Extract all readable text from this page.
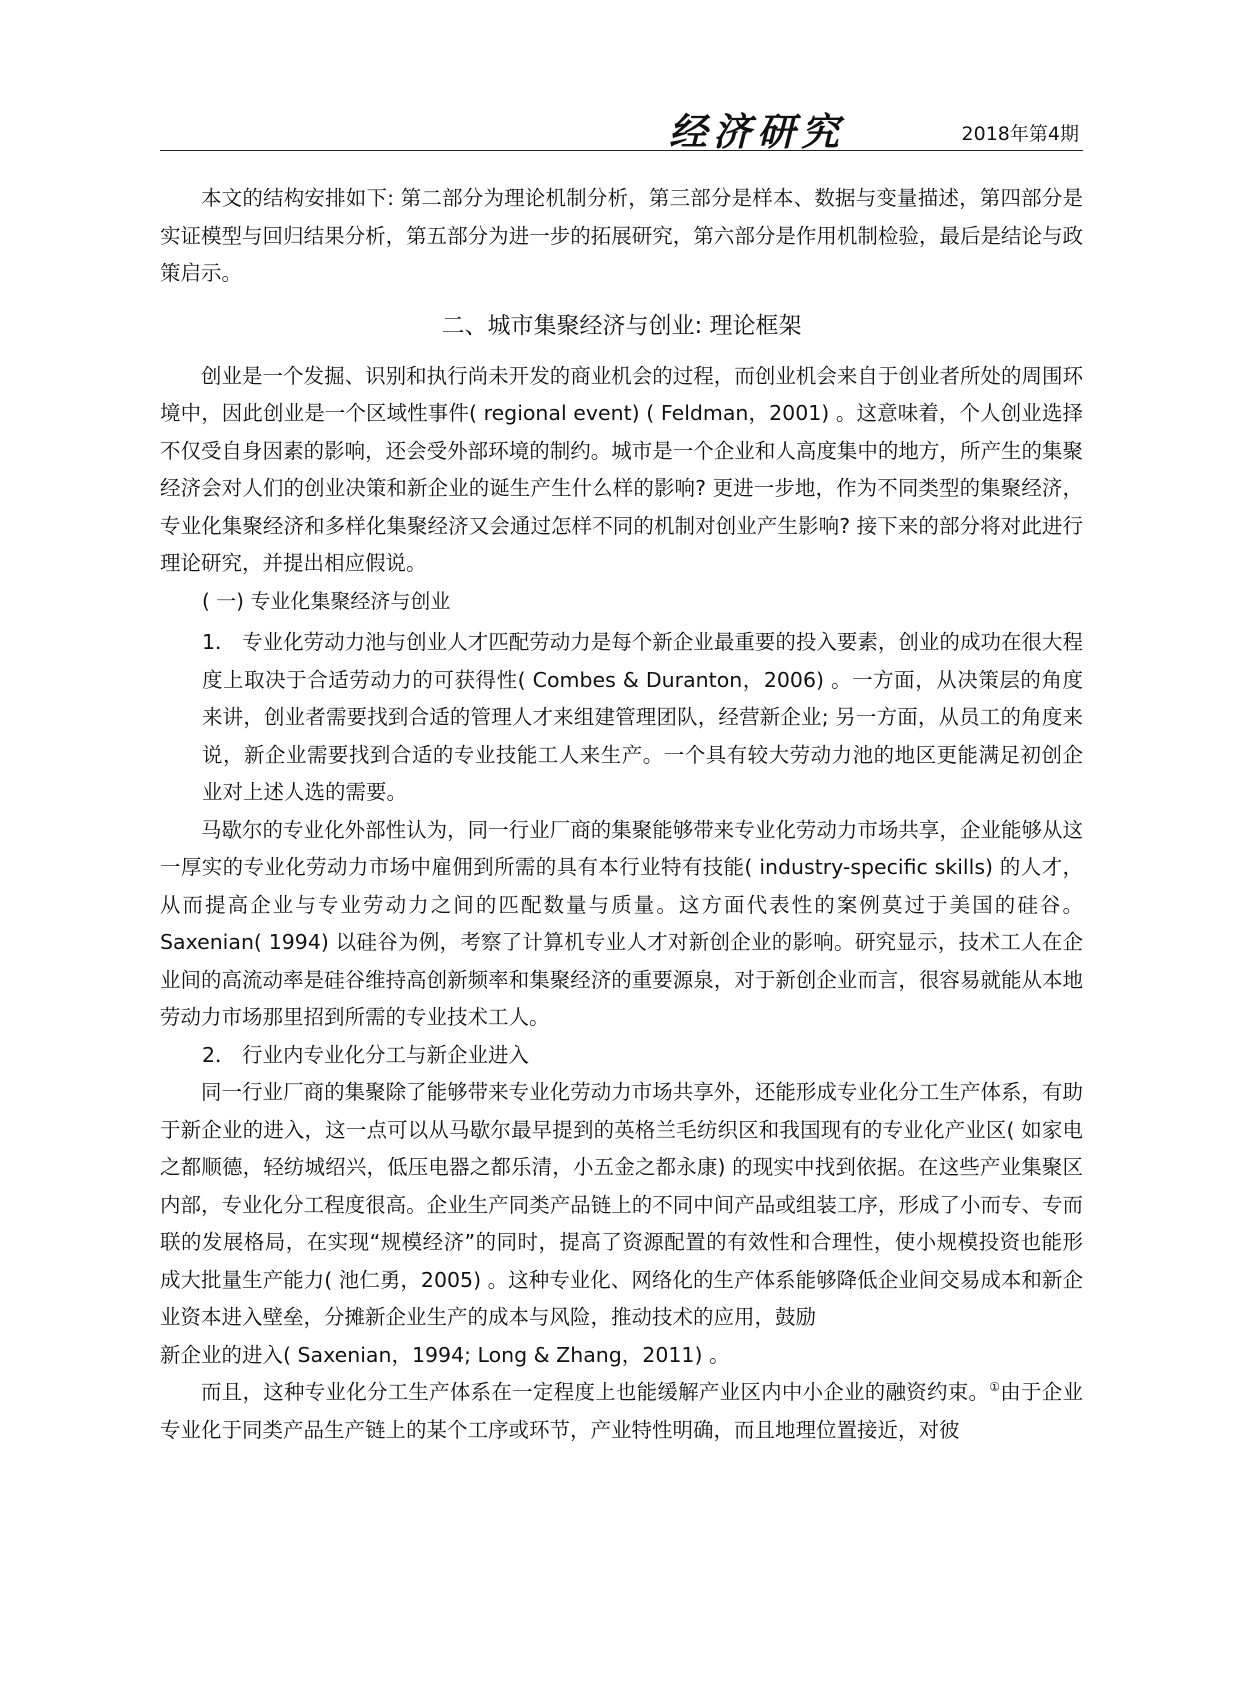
经济研究	2018年第4期

本文的结构安排如下: 第二部分为理论机制分析，第三部分是样本、数据与变量描述，第四部分是实证模型与回归结果分析，第五部分为进一步的拓展研究，第六部分是作用机制检验，最后是结论与政策启示。

二、城市集聚经济与创业: 理论框架

创业是一个发掘、识别和执行尚未开发的商业机会的过程，而创业机会来自于创业者所处的周围环境中，因此创业是一个区域性事件( regional event) ( Feldman，2001) 。这意味着，个人创业选择不仅受自身因素的影响，还会受外部环境的制约。城市是一个企业和人高度集中的地方，所产生的集聚经济会对人们的创业决策和新企业的诞生产生什么样的影响? 更进一步地，作为不同类型的集聚经济，专业化集聚经济和多样化集聚经济又会通过怎样不同的机制对创业产生影响? 接下来的部分将对此进行理论研究，并提出相应假说。

( 一) 专业化集聚经济与创业

1． 专业化劳动力池与创业人才匹配劳动力是每个新企业最重要的投入要素，创业的成功在很大程度上取决于合适劳动力的可获得性( Combes & Duranton，2006) 。一方面，从决策层的角度来讲，创业者需要找到合适的管理人才来组建管理团队，经营新企业; 另一方面，从员工的角度来说，新企业需要找到合适的专业技能工人来生产。一个具有较大劳动力池的地区更能满足初创企业对上述人选的需要。

马歇尔的专业化外部性认为，同一行业厂商的集聚能够带来专业化劳动力市场共享，企业能够从这一厚实的专业化劳动力市场中雇佣到所需的具有本行业特有技能( industry-specific skills) 的人才，从而提高企业与专业劳动力之间的匹配数量与质量。这方面代表性的案例莫过于美国的硅谷。Saxenian( 1994) 以硅谷为例，考察了计算机专业人才对新创企业的影响。研究显示，技术工人在企业间的高流动率是硅谷维持高创新频率和集聚经济的重要源泉，对于新创企业而言，很容易就能从本地劳动力市场那里招到所需的专业技术工人。

2． 行业内专业化分工与新企业进入

同一行业厂商的集聚除了能够带来专业化劳动力市场共享外，还能形成专业化分工生产体系，有助于新企业的进入，这一点可以从马歇尔最早提到的英格兰毛纺织区和我国现有的专业化产业区( 如家电之都顺德，轻纺城绍兴，低压电器之都乐清，小五金之都永康) 的现实中找到依据。在这些产业集聚区内部，专业化分工程度很高。企业生产同类产品链上的不同中间产品或组装工序，形成了小而专、专而联的发展格局，在实现“规模经济”的同时，提高了资源配置的有效性和合理性，使小规模投资也能形成大批量生产能力( 池仁勇，2005) 。这种专业化、网络化的生产体系能够降低企业间交易成本和新企业资本进入壁垒，分摊新企业生产的成本与风险，推动技术的应用，鼓励

新企业的进入( Saxenian，1994; Long & Zhang，2011) 。

而且，这种专业化分工生产体系在一定程度上也能缓解产业区内中小企业的融资约束。①由于企业专业化于同类产品生产链上的某个工序或环节，产业特性明确，而且地理位置接近，对彼
